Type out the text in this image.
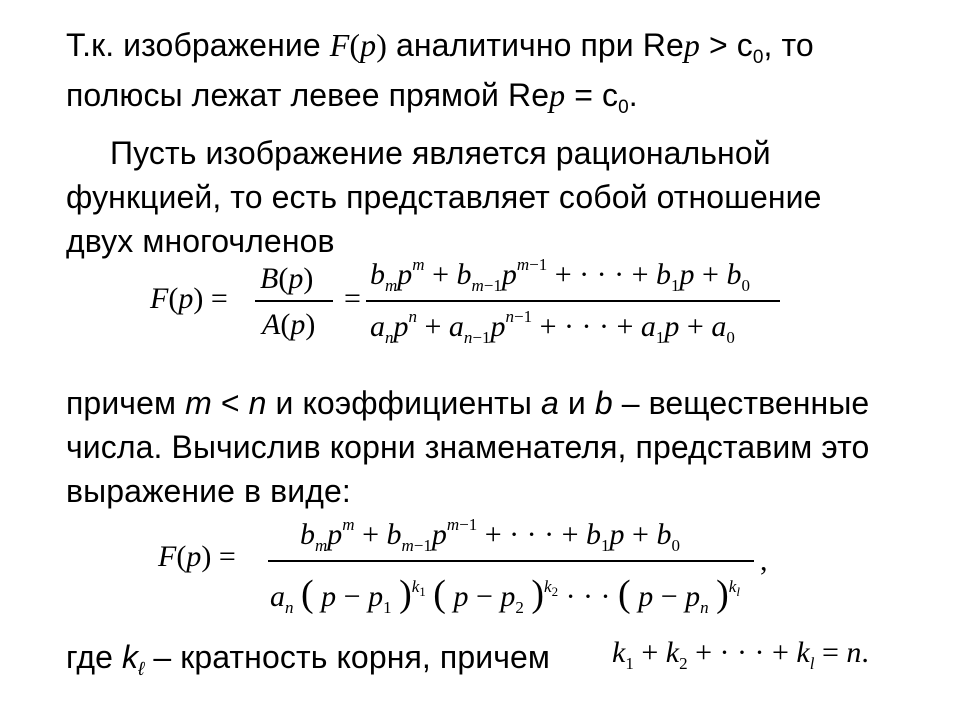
Т.к. изображение F(p) аналитично при Rep > $c_0$, то
полюсы лежат левее прямой Rep = $c_0$.
Пусть изображение является рациональной
функцией, то есть представляет собой отношение
двух многочленов
F(p) =
B(p)
A(p)
=
$b_mp^m + b_{m-1}p^{m-1}$ + · · · + $b_1p + b_0$
$a_np^n + a_{n-1}p^{n-1}$ + · · · + $a_1p + a_0$
причем m < n и коэффициенты a и b – вещественные
числа. Вычислив корни знаменателя, представим это
выражение в виде:
F(p) =
$b_mp^m + b_{m-1}p^{m-1}$ + · · · + $b_1p + b_0$
$a_n$ ( $p - p_1$ )$^{k1}$ ( $p - p_2$ )$^{k2}$ · · · ( $p - p_n$ )$^{kl}$
,
где $k_\ell$ – кратность корня, причем $k_1 + k_2$ + · · · + $k_l = n$.
